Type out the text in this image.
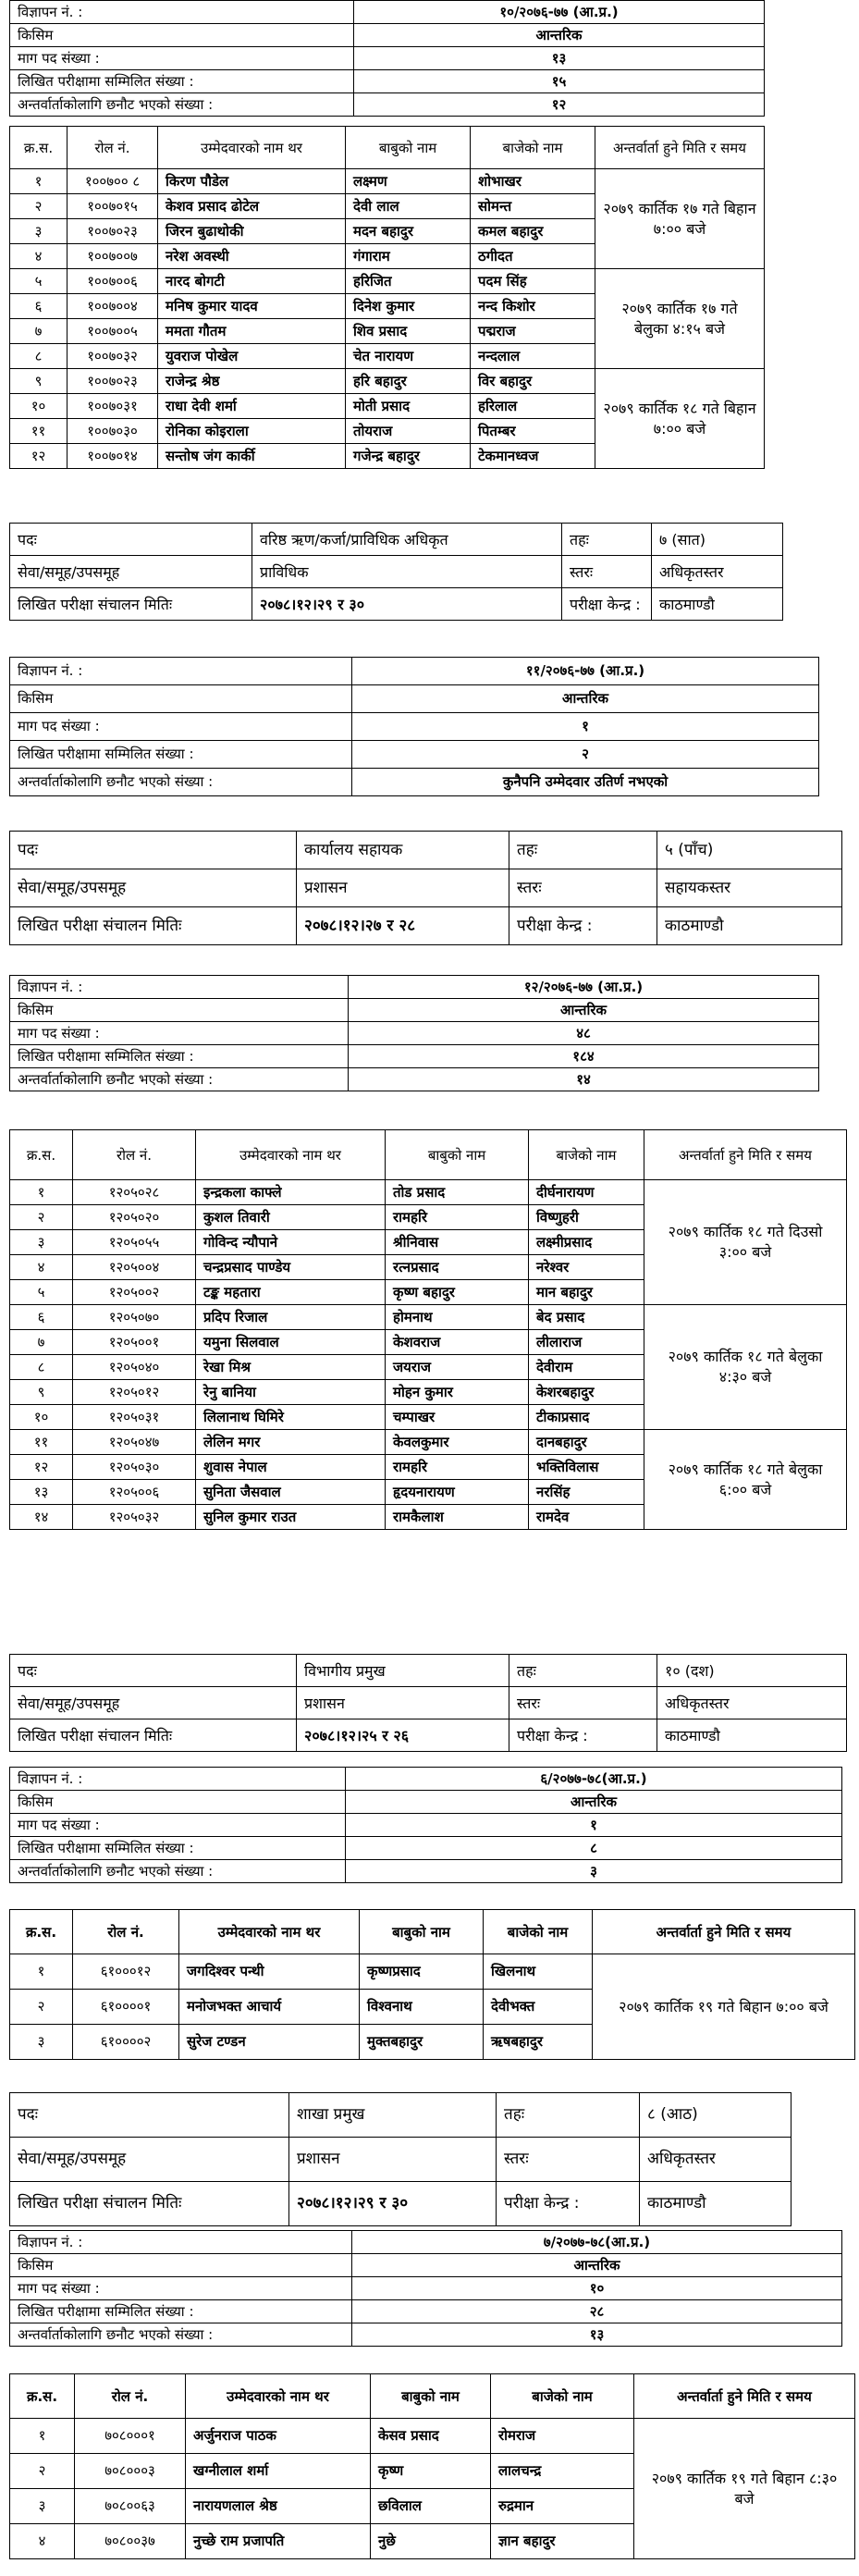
विज्ञापन नं. :	१०/२०७६-७७ (आ.प्र.)
किसिम	आन्तरिक
माग पद संख्या :	१३
लिखित परीक्षामा सम्मिलित संख्या :	१५
अन्तर्वार्ताकोलागि छनौट भएको संख्या :	१२
क्र.स.	रोल नं.	उम्मेदवारको नाम थर	बाबुको नाम	बाजेको नाम	अन्तर्वार्ता हुने मिति र समय
१	१००७०० ८	किरण पौडेल	लक्ष्मण	शोभाखर	२०७९ कार्तिक १७ गते बिहान ७:०० बजे
२	१००७०१५	केशव प्रसाद ढोटेल	देवी लाल	सोमन्त	
३	१००७०२३	जिरन बुढाथोकी	मदन बहादुर	कमल बहादुर	
४	१००७००७	नरेश अवस्थी	गंगाराम	ठगीदत	
५	१००७००६	नारद बोगटी	हरिजित	पदम सिंह	२०७९ कार्तिक १७ गते बेलुका ४:१५ बजे
६	१००७००४	मनिष कुमार यादव	दिनेश कुमार	नन्द किशोर	
७	१००७००५	ममता गौतम	शिव प्रसाद	पद्मराज	
८	१००७०३२	युवराज पोखेल	चेत नारायण	नन्दलाल	
९	१००७०२३	राजेन्द्र श्रेष्ठ	हरि बहादुर	विर बहादुर	२०७९ कार्तिक १८ गते बिहान ७:०० बजे
१०	१००७०३१	राधा देवी शर्मा	मोती प्रसाद	हरिलाल	
११	१००७०३०	रोनिका कोइराला	तोयराज	पितम्बर	
१२	१००७०१४	सन्तोष जंग कार्की	गजेन्द्र बहादुर	टेकमानध्वज	
पदः	वरिष्ठ ऋण/कर्जा/प्राविधिक अधिकृत	तहः	७ (सात)
सेवा/समूह/उपसमूह	प्राविधिक	स्तरः	अधिकृतस्तर
लिखित परीक्षा संचालन मितिः	२०७८।१२।२९ र ३०	परीक्षा केन्द्र :	काठमाण्डौ
विज्ञापन नं. :	११/२०७६-७७ (आ.प्र.)
किसिम	आन्तरिक
माग पद संख्या :	१
लिखित परीक्षामा सम्मिलित संख्या :	२
अन्तर्वार्ताकोलागि छनौट भएको संख्या :	कुनैपनि उम्मेदवार उतिर्ण नभएको
पदः	कार्यालय सहायक	तहः	५ (पाँच)
सेवा/समूह/उपसमूह	प्रशासन	स्तरः	सहायकस्तर
लिखित परीक्षा संचालन मितिः	२०७८।१२।२७ र २८	परीक्षा केन्द्र :	काठमाण्डौ
विज्ञापन नं. :	१२/२०७६-७७ (आ.प्र.)
किसिम	आन्तरिक
माग पद संख्या :	४८
लिखित परीक्षामा सम्मिलित संख्या :	१८४
अन्तर्वार्ताकोलागि छनौट भएको संख्या :	१४
क्र.स.	रोल नं.	उम्मेदवारको नाम थर	बाबुको नाम	बाजेको नाम	अन्तर्वार्ता हुने मिति र समय
१	१२०५०२८	इन्द्रकला काफ्ले	तोड प्रसाद	दीर्घनारायण	२०७९ कार्तिक १८ गते दिउसो ३:०० बजे
२	१२०५०२०	कुशल तिवारी	रामहरि	विष्णुहरी	
३	१२०५०५५	गोविन्द न्यौपाने	श्रीनिवास	लक्ष्मीप्रसाद	
४	१२०५००४	चन्द्रप्रसाद पाण्डेय	रत्नप्रसाद	नरेश्वर	
५	१२०५००२	टङ्क महतारा	कृष्ण बहादुर	मान बहादुर	
६	१२०५०७०	प्रदिप रिजाल	होमनाथ	बेद प्रसाद	२०७९ कार्तिक १८ गते बेलुका ४:३० बजे
७	१२०५००१	यमुना सिलवाल	केशवराज	लीलाराज	
८	१२०५०४०	रेखा मिश्र	जयराज	देवीराम	
९	१२०५०१२	रेनु बानिया	मोहन कुमार	केशरबहादुर	
१०	१२०५०३१	लिलानाथ घिमिरे	चम्पाखर	टीकाप्रसाद	
११	१२०५०४७	लेलिन मगर	केवलकुमार	दानबहादुर	२०७९ कार्तिक १८ गते बेलुका ६:०० बजे
१२	१२०५०३०	शुवास नेपाल	रामहरि	भक्तिविलास	
१३	१२०५००६	सुनिता जैसवाल	हृदयनारायण	नरसिंह	
१४	१२०५०३२	सुनिल कुमार राउत	रामकैलाश	रामदेव	
पदः	विभागीय प्रमुख	तहः	१० (दश)
सेवा/समूह/उपसमूह	प्रशासन	स्तरः	अधिकृतस्तर
लिखित परीक्षा संचालन मितिः	२०७८।१२।२५ र २६	परीक्षा केन्द्र :	काठमाण्डौ
विज्ञापन नं. :	६/२०७७-७८(आ.प्र.)
किसिम	आन्तरिक
माग पद संख्या :	१
लिखित परीक्षामा सम्मिलित संख्या :	८
अन्तर्वार्ताकोलागि छनौट भएको संख्या :	३
क्र.स.	रोल नं.	उम्मेदवारको नाम थर	बाबुको नाम	बाजेको नाम	अन्तर्वार्ता हुने मिति र समय
१	६१०००१२	जगदिश्वर पन्थी	कृष्णप्रसाद	खिलनाथ	२०७९ कार्तिक १९ गते बिहान ७:०० बजे
२	६१००००१	मनोजभक्त आचार्य	विश्वनाथ	देवीभक्त	
३	६१००००२	सुरेज टण्डन	मुक्तबहादुर	ऋषबहादुर	
पदः	शाखा प्रमुख	तहः	८ (आठ)
सेवा/समूह/उपसमूह	प्रशासन	स्तरः	अधिकृतस्तर
लिखित परीक्षा संचालन मितिः	२०७८।१२।२९ र ३०	परीक्षा केन्द्र :	काठमाण्डौ
विज्ञापन नं. :	७/२०७७-७८(आ.प्र.)
किसिम	आन्तरिक
माग पद संख्या :	१०
लिखित परीक्षामा सम्मिलित संख्या :	२८
अन्तर्वार्ताकोलागि छनौट भएको संख्या :	१३
क्र.स.	रोल नं.	उम्मेदवारको नाम थर	बाबुको नाम	बाजेको नाम	अन्तर्वार्ता हुने मिति र समय
१	७०८०००१	अर्जुनराज पाठक	केसव प्रसाद	रोमराज	२०७९ कार्तिक १९ गते बिहान ८:३० बजे
२	७०८०००३	खग्नीलाल शर्मा	कृष्ण	लालचन्द्र	
३	७०८००६३	नारायणलाल श्रेष्ठ	छविलाल	रुद्रमान	
४	७०८००३७	नुच्छे राम प्रजापति	नुछे	ज्ञान बहादुर	
